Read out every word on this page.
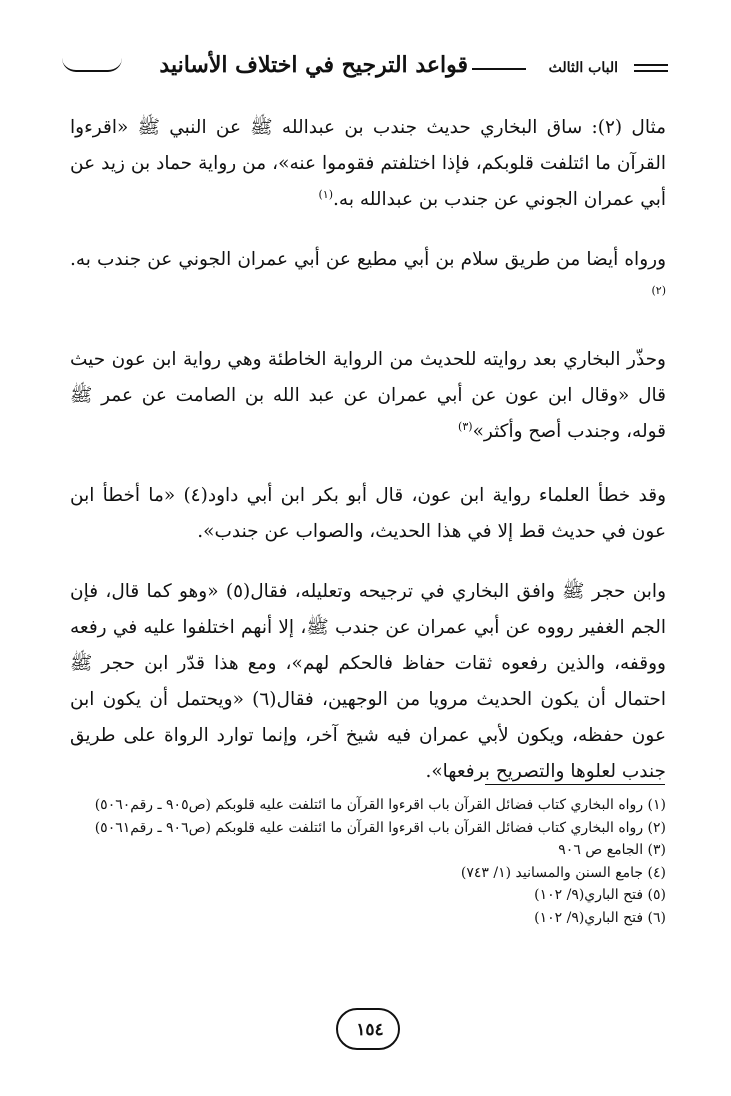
الباب الثالث
قواعد الترجيح في اختلاف الأسانيد

مثال (٢): ساق البخاري حديث جندب بن عبدالله ﷺ عن النبي ﷺ «اقرءوا القرآن ما ائتلفت قلوبكم، فإذا اختلفتم فقوموا عنه»، من رواية حماد بن زيد عن أبي عمران الجوني عن جندب بن عبدالله به.$^{(١)}$

ورواه أيضا من طريق سلام بن أبي مطيع عن أبي عمران الجوني عن جندب به.$^{(٢)}$

وحذّر البخاري بعد روايته للحديث من الرواية الخاطئة وهي رواية ابن عون حيث قال «وقال ابن عون عن أبي عمران عن عبد الله بن الصامت عن عمر ﷺ قوله، وجندب أصح وأكثر»$^{(٣)}$

وقد خطأ العلماء رواية ابن عون، قال أبو بكر ابن أبي داود(٤) «ما أخطأ ابن عون في حديث قط إلا في هذا الحديث، والصواب عن جندب».

وابن حجر ﷺ وافق البخاري في ترجيحه وتعليله، فقال(٥) «وهو كما قال، فإن الجم الغفير رووه عن أبي عمران عن جندب ﷺ، إلا أنهم اختلفوا عليه في رفعه ووقفه، والذين رفعوه ثقات حفاظ فالحكم لهم»، ومع هذا قدّر ابن حجر ﷺ احتمال أن يكون الحديث مرويا من الوجهين، فقال(٦) «ويحتمل أن يكون ابن عون حفظه، ويكون لأبي عمران فيه شيخ آخر، وإنما توارد الرواة على طريق جندب لعلوها والتصريح برفعها».

(١) رواه البخاري كتاب فضائل القرآن باب اقرءوا القرآن ما ائتلفت عليه قلوبكم (ص٩٠٥ ـ رقم٥٠٦٠)

(٢) رواه البخاري كتاب فضائل القرآن باب اقرءوا القرآن ما ائتلفت عليه قلوبكم (ص٩٠٦ ـ رقم٥٠٦١)

(٣) الجامع ص ٩٠٦

(٤) جامع السنن والمسانيد (١/ ٧٤٣)

(٥) فتح الباري(٩/ ١٠٢)

(٦) فتح الباري(٩/ ١٠٢)

١٥٤
